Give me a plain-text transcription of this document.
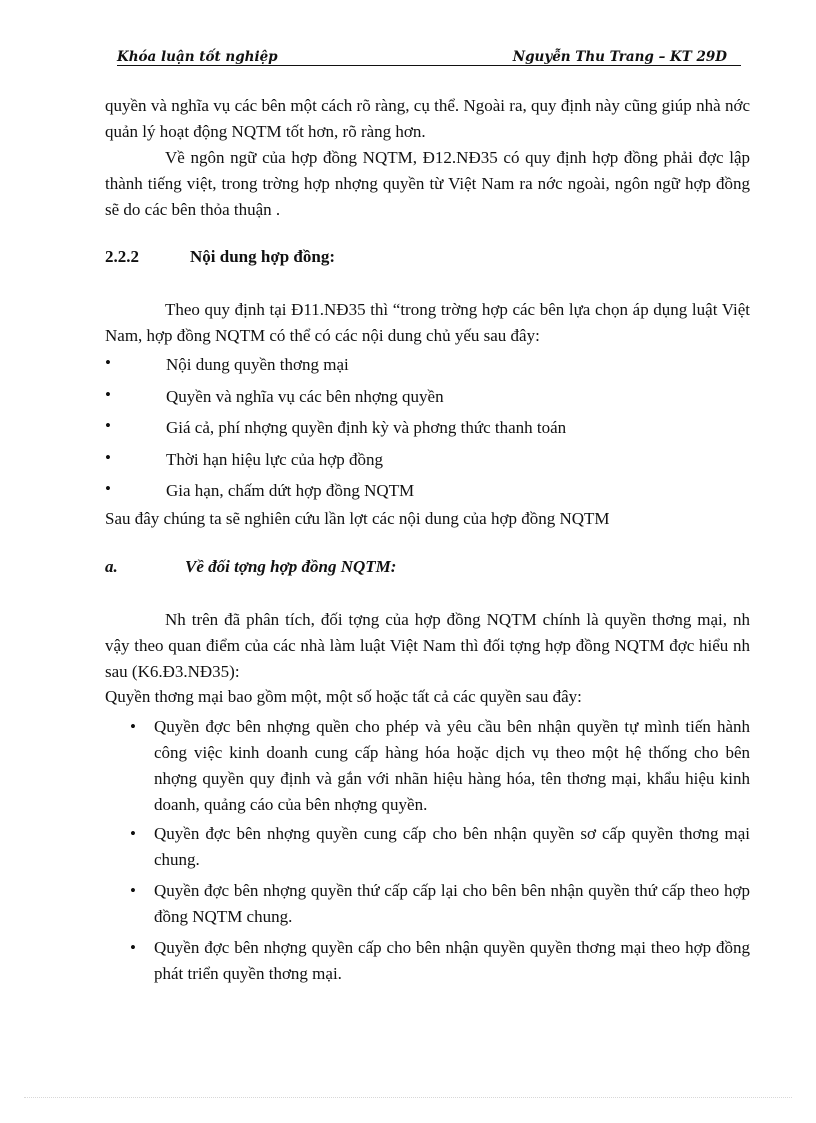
Khóa luận tốt nghiệp	Nguyễn Thu Trang – KT 29D
quyền và nghĩa vụ các bên một cách rõ ràng, cụ thể. Ngoài ra, quy định này cũng giúp nhà nớc quản lý hoạt động NQTM tốt hơn, rõ ràng hơn.
Về ngôn ngữ của hợp đồng NQTM, Đ12.NĐ35 có quy định hợp đồng phải đợc lập thành tiếng việt, trong trờng hợp nhợng quyền từ Việt Nam ra nớc ngoài, ngôn ngữ hợp đồng sẽ do các bên thỏa thuận .
2.2.2	Nội dung hợp đồng:
Theo quy định tại Đ11.NĐ35 thì “trong trờng hợp các bên lựa chọn áp dụng luật Việt Nam, hợp đồng NQTM có thể có các nội dung chủ yếu sau đây:
•	Nội dung quyền thơng mại
•	Quyền và nghĩa vụ các bên nhợng quyền
•	Giá cả, phí nhợng quyền định kỳ và phơng thức thanh toán
•	Thời hạn hiệu lực của hợp đồng
•	Gia hạn, chấm dứt hợp đồng NQTM
Sau đây chúng ta sẽ nghiên cứu lần lợt các nội dung của hợp đồng NQTM
a.	Về đối tợng hợp đồng NQTM:
Nh trên đã phân tích, đối tợng của hợp đồng NQTM chính là quyền thơng mại, nh vậy theo quan điểm của các nhà làm luật Việt Nam thì đối tợng hợp đồng NQTM đợc hiểu nh sau (K6.Đ3.NĐ35):
Quyền thơng mại bao gồm một, một số hoặc tất cả các quyền sau đây:
• Quyền đợc bên nhợng quền cho phép và yêu cầu bên nhận quyền tự mình tiến hành công việc kinh doanh cung cấp hàng hóa hoặc dịch vụ theo một hệ thống cho bên nhợng quyền quy định và gắn với nhãn hiệu hàng hóa, tên thơng mại, khẩu hiệu kinh doanh, quảng cáo của bên nhợng quyền.
• Quyền đợc bên nhợng quyền cung cấp cho bên nhận quyền sơ cấp quyền thơng mại chung.
• Quyền đợc bên nhợng quyền thứ cấp cấp lại cho bên bên nhận quyền thứ cấp theo hợp đồng NQTM chung.
• Quyền đợc bên nhợng quyền cấp cho bên nhận quyền quyền thơng mại theo hợp đồng phát triển quyền thơng mại.
